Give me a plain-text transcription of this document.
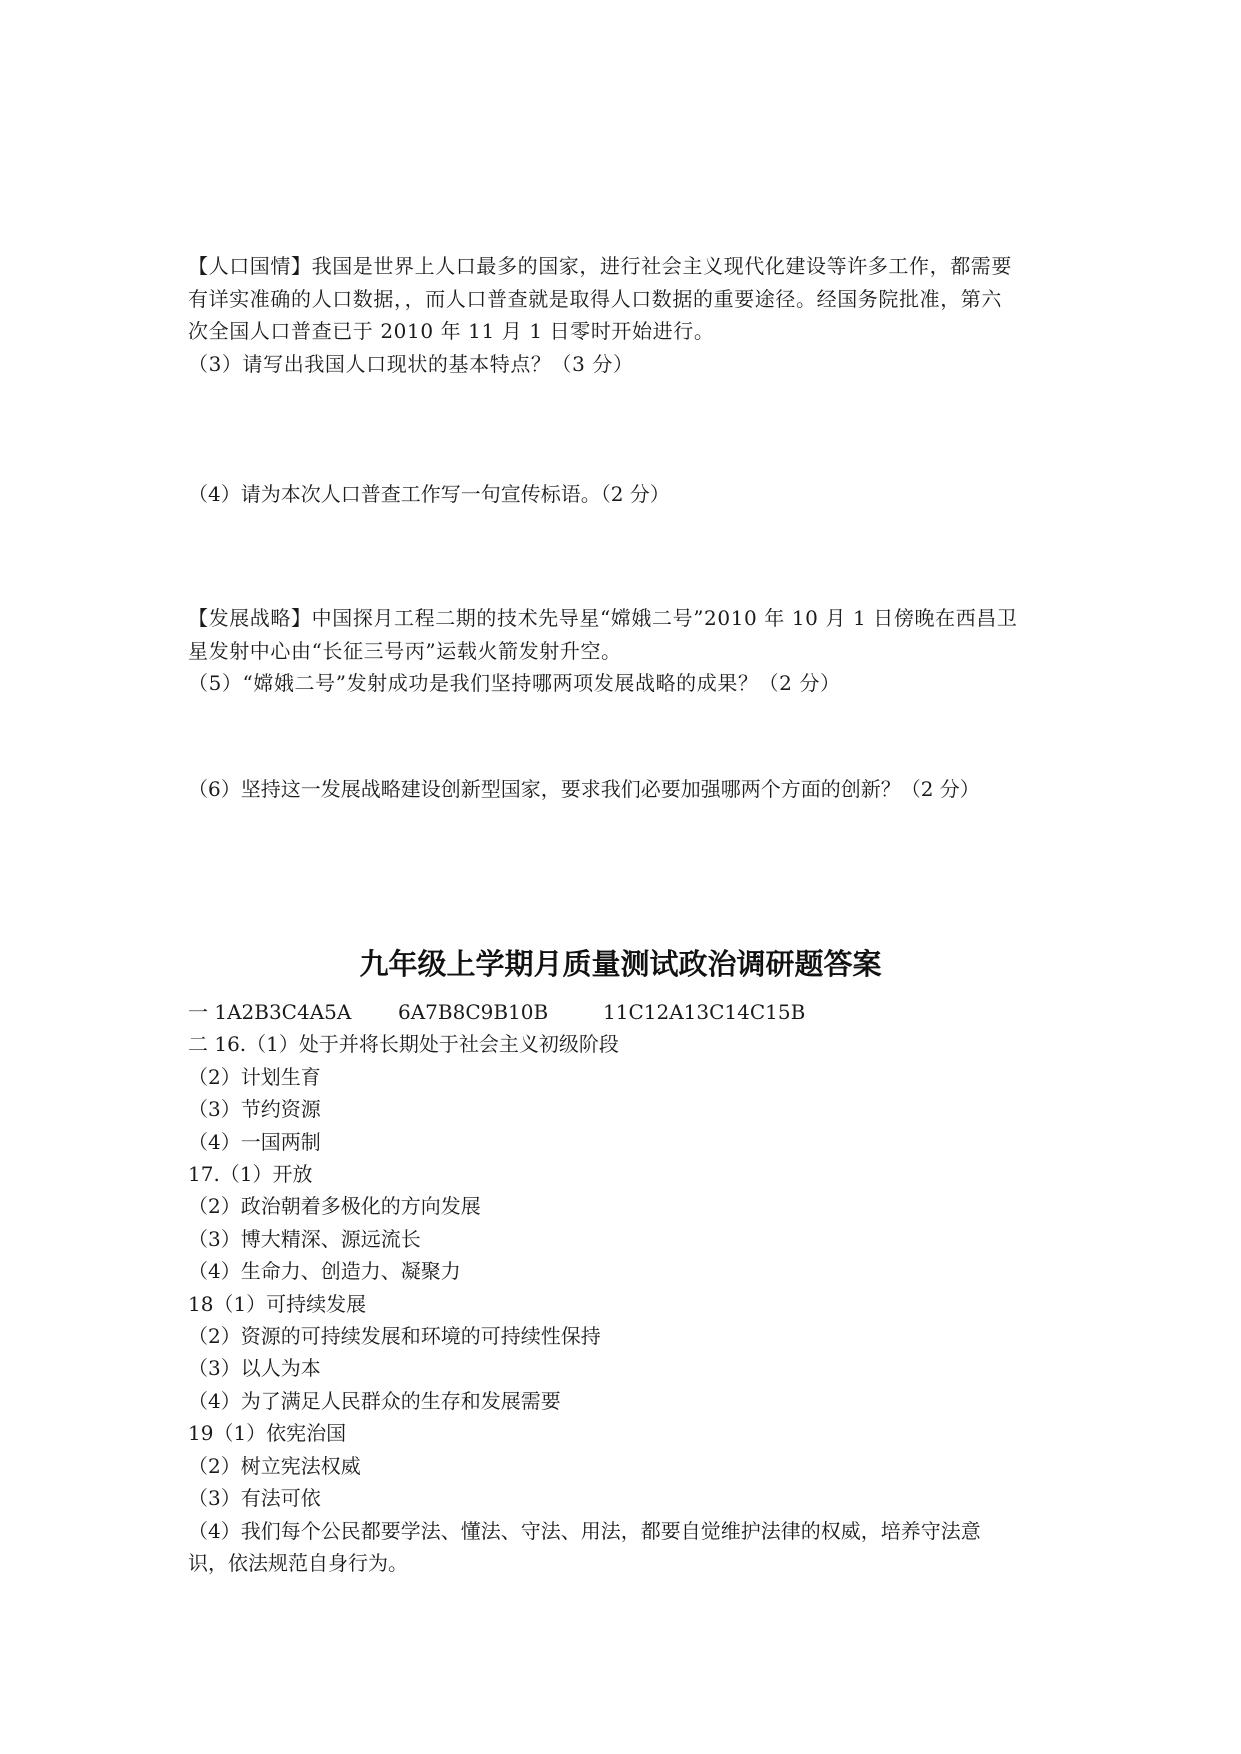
【人口国情】我国是世界上人口最多的国家，进行社会主义现代化建设等许多工作，都需要
有详实准确的人口数据，，而人口普查就是取得人口数据的重要途径。经国务院批准，第六
次全国人口普查已于 2010 年 11 月 1 日零时开始进行。
（3）请写出我国人口现状的基本特点？（3 分）
（4）请为本次人口普查工作写一句宣传标语。（2 分）
【发展战略】中国探月工程二期的技术先导星“嫦娥二号”2010 年 10 月 1 日傍晚在西昌卫
星发射中心由“长征三号丙”运载火箭发射升空。
（5）“嫦娥二号”发射成功是我们坚持哪两项发展战略的成果？（2 分）
（6）坚持这一发展战略建设创新型国家，要求我们必要加强哪两个方面的创新？（2 分）
九年级上学期月质量测试政治调研题答案
一 1A2B3C4A5A	6A7B8C9B10B	11C12A13C14C15B
二 16.（1）处于并将长期处于社会主义初级阶段
（2）计划生育
（3）节约资源
（4）一国两制
17.（1）开放
（2）政治朝着多极化的方向发展
（3）博大精深、源远流长
（4）生命力、创造力、凝聚力
18（1）可持续发展
（2）资源的可持续发展和环境的可持续性保持
（3）以人为本
（4）为了满足人民群众的生存和发展需要
19（1）依宪治国
（2）树立宪法权威
（3）有法可依
（4）我们每个公民都要学法、懂法、守法、用法，都要自觉维护法律的权威，培养守法意
识，依法规范自身行为。
